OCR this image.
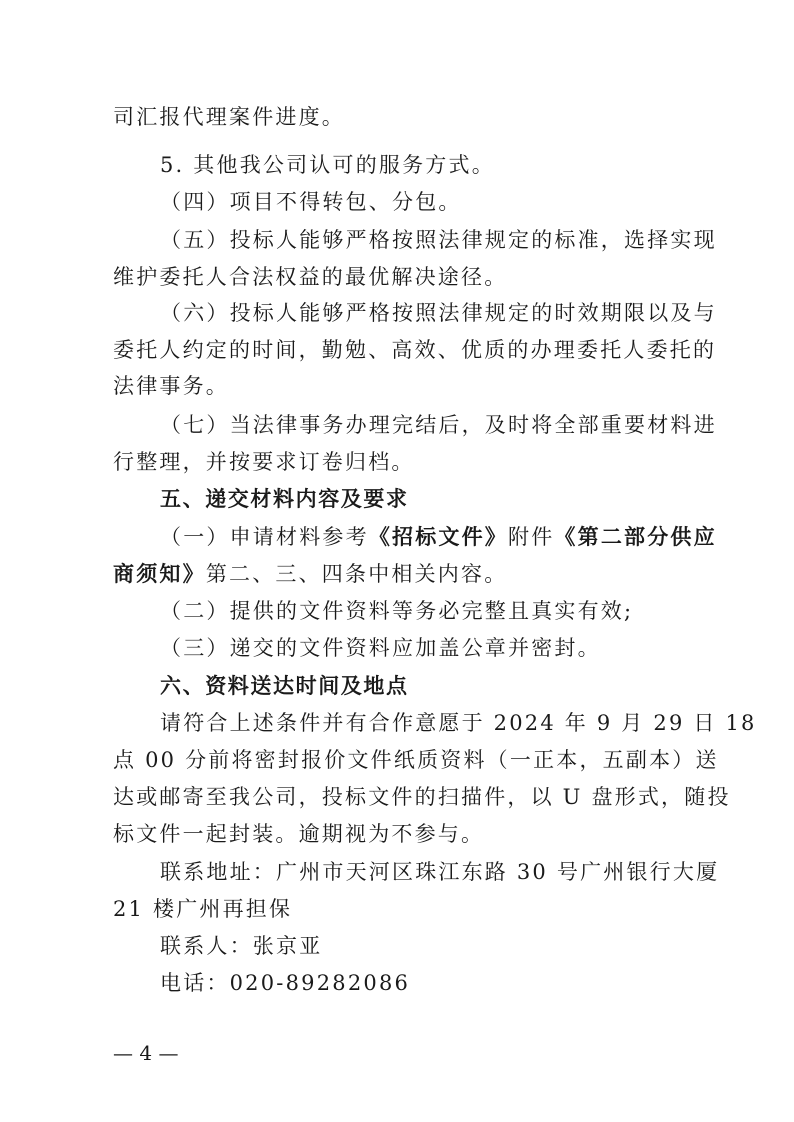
司汇报代理案件进度。
5. 其他我公司认可的服务方式。
（四）项目不得转包、分包。
（五）投标人能够严格按照法律规定的标准，选择实现
维护委托人合法权益的最优解决途径。
（六）投标人能够严格按照法律规定的时效期限以及与
委托人约定的时间，勤勉、高效、优质的办理委托人委托的
法律事务。
（七）当法律事务办理完结后，及时将全部重要材料进
行整理，并按要求订卷归档。
五、递交材料内容及要求
（一）申请材料参考《招标文件》附件《第二部分供应
商须知》第二、三、四条中相关内容。
（二）提供的文件资料等务必完整且真实有效;
（三）递交的文件资料应加盖公章并密封。
六、资料送达时间及地点
请符合上述条件并有合作意愿于 2024 年 9 月 29 日 18
点 00 分前将密封报价文件纸质资料（一正本，五副本）送
达或邮寄至我公司，投标文件的扫描件，以 U 盘形式，随投
标文件一起封装。逾期视为不参与。
联系地址：广州市天河区珠江东路 30 号广州银行大厦
21 楼广州再担保
联系人：张京亚
电话：020-89282086
— 4 —
